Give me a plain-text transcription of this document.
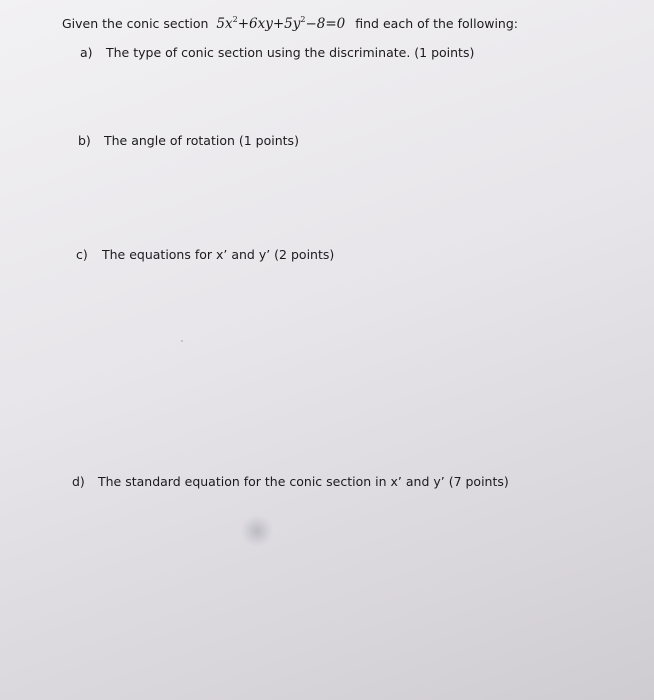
Given the conic section $5x^2+6xy+5y^2-8=0$ find each of the following:
a) The type of conic section using the discriminate. (1 points)
b) The angle of rotation (1 points)
c) The equations for x’ and y’ (2 points)
d) The standard equation for the conic section in x’ and y’ (7 points)
